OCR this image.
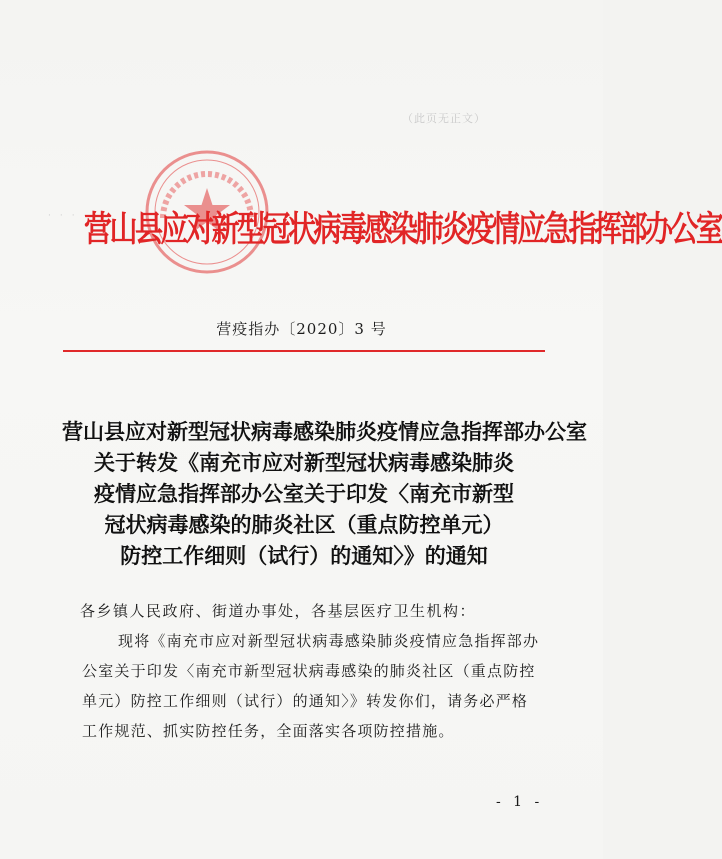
（此页无正文）
·　·　· 营山县应对新型冠状病毒感染肺炎疫情应急指挥部办公室
营疫指办〔2020〕3 号
营山县应对新型冠状病毒感染肺炎疫情应急指挥部办公室
关于转发《南充市应对新型冠状病毒感染肺炎
疫情应急指挥部办公室关于印发〈南充市新型
冠状病毒感染的肺炎社区（重点防控单元）
防控工作细则（试行）的通知〉》的通知
各乡镇人民政府、街道办事处，各基层医疗卫生机构：
现将《南充市应对新型冠状病毒感染肺炎疫情应急指挥部办
公室关于印发〈南充市新型冠状病毒感染的肺炎社区（重点防控
单元）防控工作细则（试行）的通知〉》转发你们，请务必严格
工作规范、抓实防控任务，全面落实各项防控措施。
- 1 -
